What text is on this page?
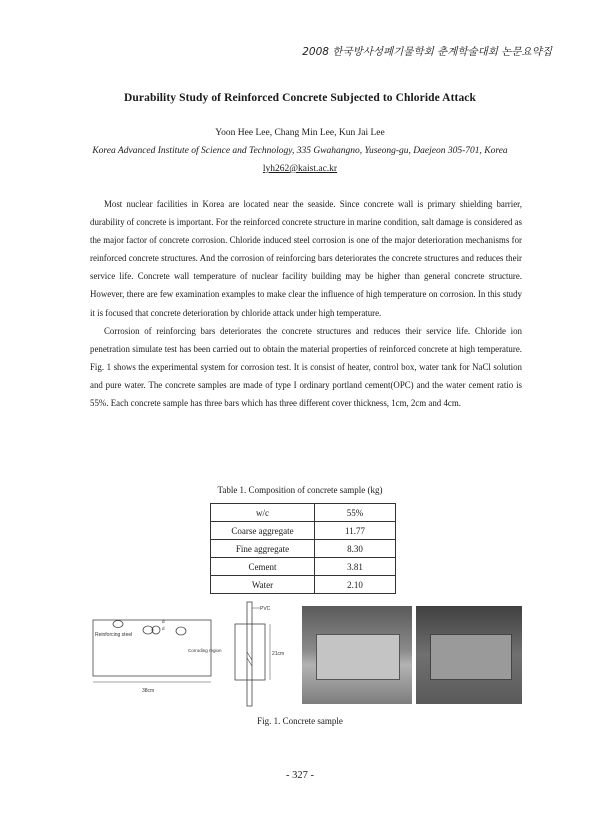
2008 한국방사성폐기물학회 춘계학술대회 논문요약집
Durability Study of Reinforced Concrete Subjected to Chloride Attack
Yoon Hee Lee, Chang Min Lee, Kun Jai Lee
Korea Advanced Institute of Science and Technology, 335 Gwahangno, Yuseong-gu, Daejeon 305-701, Korea
lyh262@kaist.ac.kr

Most nuclear facilities in Korea are located near the seaside. Since concrete wall is primary shielding barrier, durability of concrete is important. For the reinforced concrete structure in marine condition, salt damage is considered as the major factor of concrete corrosion. Chloride induced steel corrosion is one of the major deterioration mechanisms for reinforced concrete structures. And the corrosion of reinforcing bars deteriorates the concrete structures and reduces their service life. Concrete wall temperature of nuclear facility building may be higher than general concrete structure. However, there are few examination examples to make clear the influence of high temperature on corrosion. In this study it is focused that concrete deterioration by chloride attack under high temperature.

Corrosion of reinforcing bars deteriorates the concrete structures and reduces their service life. Chloride ion penetration simulate test has been carried out to obtain the material properties of reinforced concrete at high temperature. Fig. 1 shows the experimental system for corrosion test. It is consist of heater, control box, water tank for NaCl solution and pure water. The concrete samples are made of type I ordinary portland cement(OPC) and the water cement ratio is 55%. Each concrete sample has three bars which has three different cover thickness, 1cm, 2cm and 4cm.

Table 1. Composition of concrete sample (kg)
w/c	55%
Coarse aggregate	11.77
Fine aggregate	8.30
Cement	3.81
Water	2.10
d
d
Reinforcing steel
38cm
PVC
21cm
Corroding region
Fig. 1. Concrete sample
- 327 -
